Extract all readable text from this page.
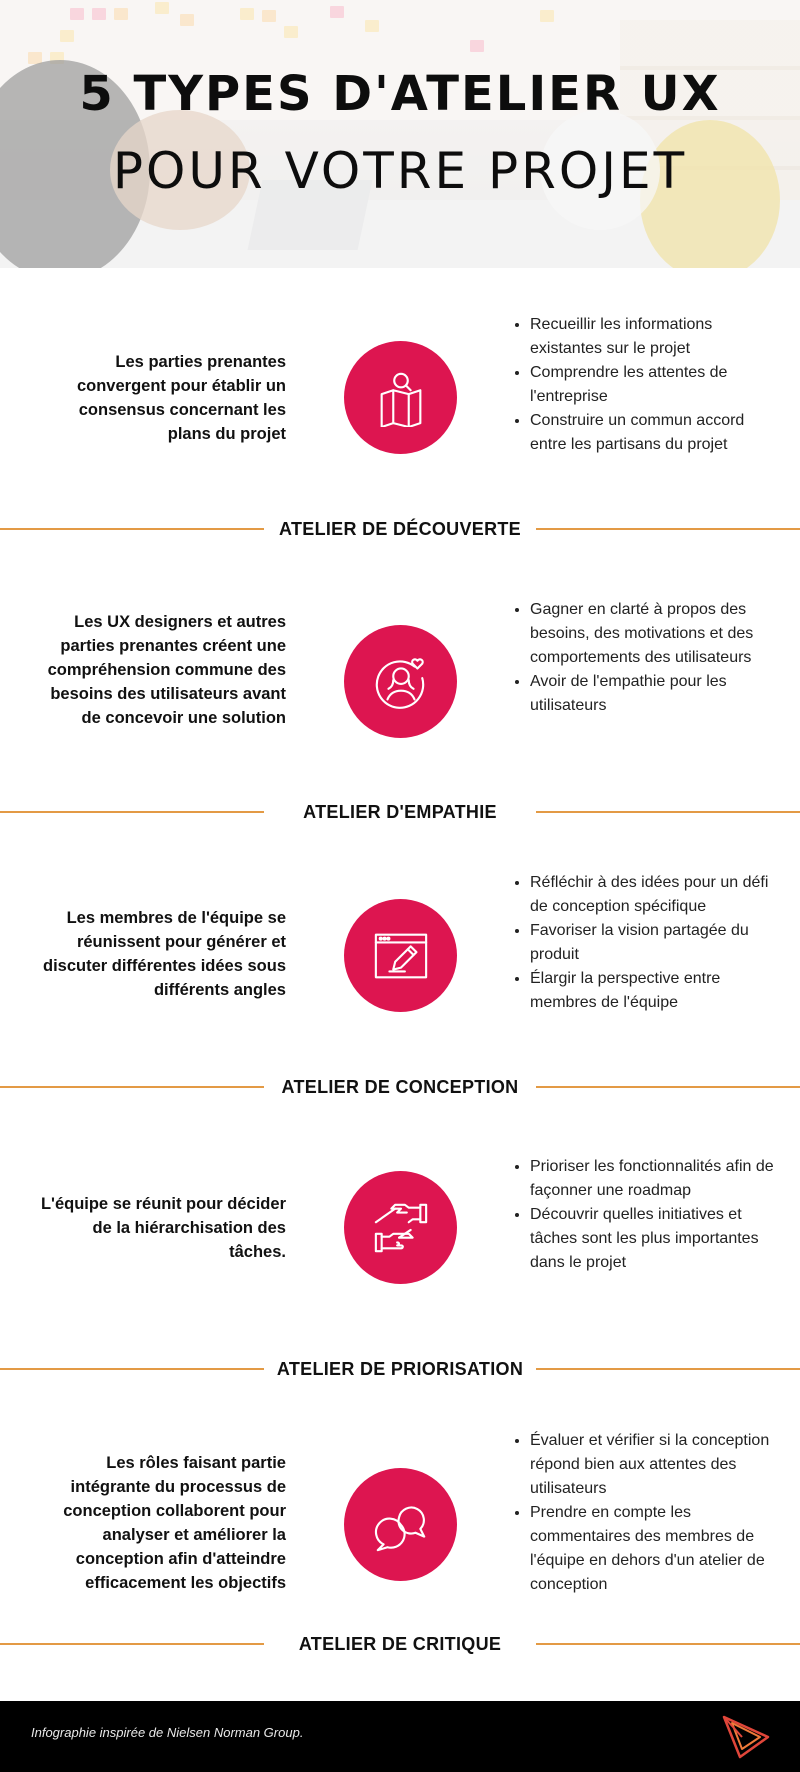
5 TYPES D'ATELIER UX
POUR VOTRE PROJET
Les parties prenantes convergent pour établir un consensus concernant les plans du projet
• Recueillir les informations existantes sur le projet
• Comprendre les attentes de l'entreprise
• Construire un commun accord entre les partisans du projet
ATELIER DE DÉCOUVERTE
Les UX designers et autres parties prenantes créent une compréhension commune des besoins des utilisateurs avant de concevoir une solution
• Gagner en clarté à propos des besoins, des motivations et des comportements des utilisateurs
• Avoir de l'empathie pour les utilisateurs
ATELIER D'EMPATHIE
Les membres de l'équipe se réunissent pour générer et discuter différentes idées sous différents angles
• Réfléchir à des idées pour un défi de conception spécifique
• Favoriser la vision partagée du produit
• Élargir la perspective entre membres de l'équipe
ATELIER DE CONCEPTION
L'équipe se réunit pour décider de la hiérarchisation des tâches.
• Prioriser les fonctionnalités afin de façonner une roadmap
• Découvrir quelles initiatives et tâches sont les plus importantes dans le projet
ATELIER DE PRIORISATION
Les rôles faisant partie intégrante du processus de conception collaborent pour analyser et améliorer la conception afin d'atteindre efficacement les objectifs
• Évaluer et vérifier si la conception répond bien aux attentes des utilisateurs
• Prendre en compte les commentaires des membres de l'équipe en dehors d'un atelier de conception
ATELIER DE CRITIQUE
Infographie inspirée de Nielsen Norman Group.
